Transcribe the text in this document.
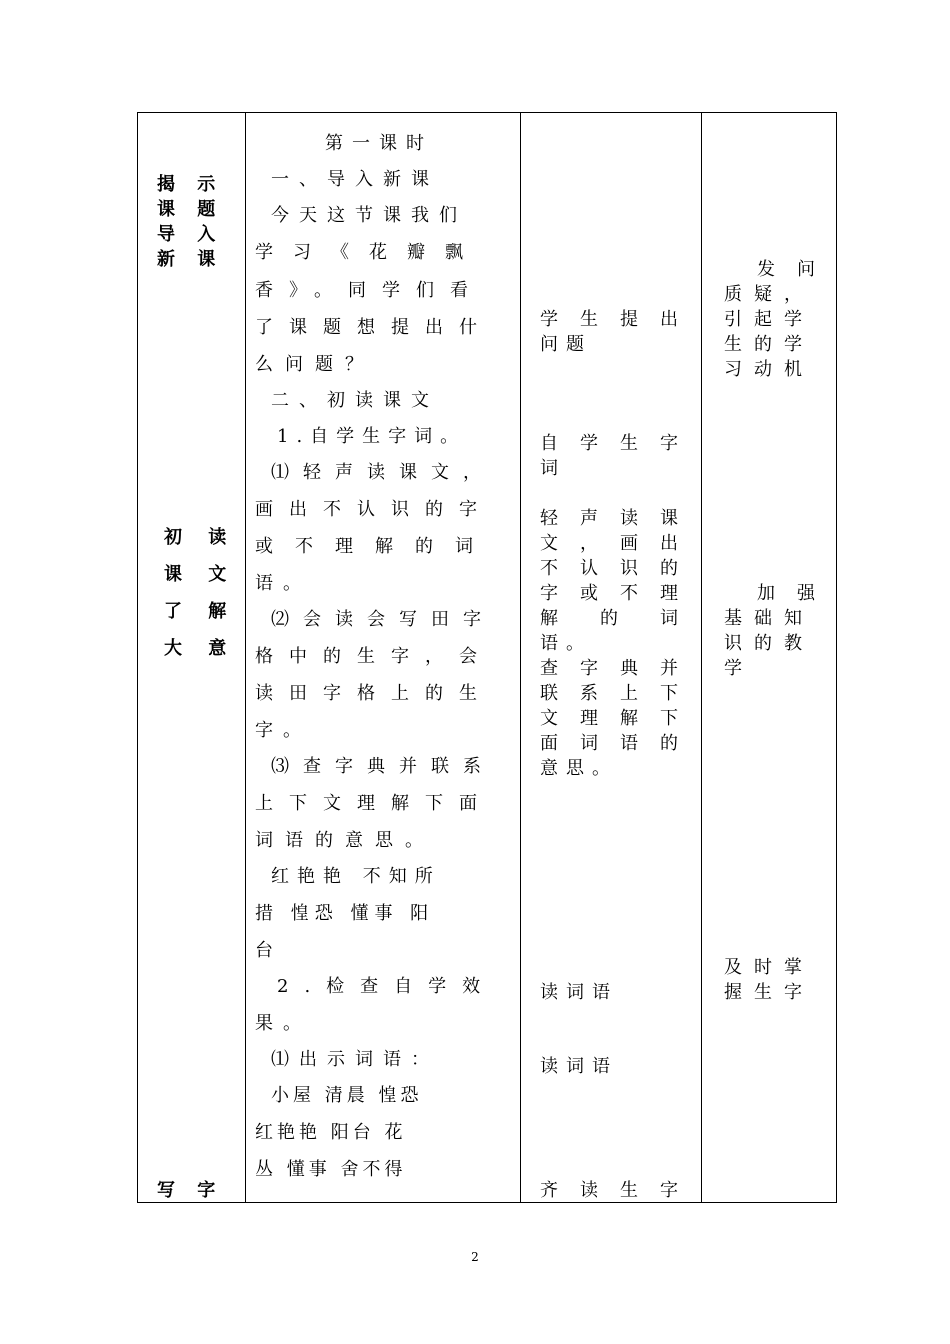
揭 示
课 题
导 入
新 课
初 读
课 文
了 解
大 意
写 字
第一课时
一、导入新课
今天这节课我们
学习《花瓣飘
香》。同学们看
了课题想提出什
么问题？
二、初读课文
1.自学生字词。
⑴轻声读课文，
画出不认识的字
或不理解的词
语。
⑵会读会写田字
格中的生字，会
读田字格上的生
字。
⑶查字典并联系
上下文理解下面
词语的意思。
红艳艳 不知所
措 惶恐 懂事 阳
台
2.检查自学效
果。
⑴出示词语：
小屋 清晨 惶恐
红艳艳 阳台 花
丛 懂事 舍不得
学生提出
问题
自学生字
词
轻声读课
文，画出
不认识的
字或不理
解的词
语。
查字典并
联系上下
文理解下
面词语的
意思。
读词语
读词语
齐读生字
发问
质疑，
引起学
生的学
习动机
加强
基础知
识的教
学
及时掌
握生字
2
